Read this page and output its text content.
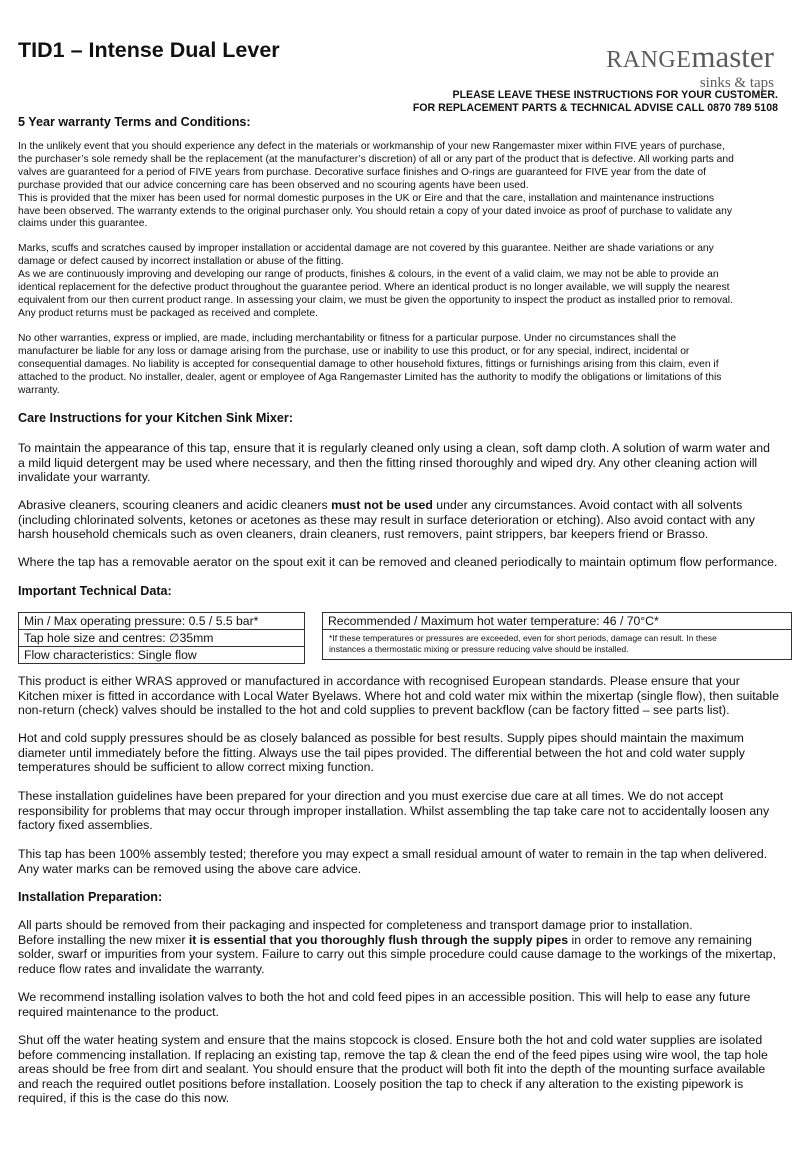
TID1 – Intense Dual Lever	RANGEmaster
sinks & taps
PLEASE LEAVE THESE INSTRUCTIONS FOR YOUR CUSTOMER.
FOR REPLACEMENT PARTS & TECHNICAL ADVISE CALL 0870 789 5108
5 Year warranty Terms and Conditions:
In the unlikely event that you should experience any defect in the materials or workmanship of your new Rangemaster mixer within FIVE years of purchase,
the purchaser’s sole remedy shall be the replacement (at the manufacturer’s discretion) of all or any part of the product that is defective. All working parts and
valves are guaranteed for a period of FIVE years from purchase. Decorative surface finishes and O-rings are guaranteed for FIVE year from the date of
purchase provided that our advice concerning care has been observed and no scouring agents have been used.
This is provided that the mixer has been used for normal domestic purposes in the UK or Eire and that the care, installation and maintenance instructions
have been observed. The warranty extends to the original purchaser only. You should retain a copy of your dated invoice as proof of purchase to validate any
claims under this guarantee.
Marks, scuffs and scratches caused by improper installation or accidental damage are not covered by this guarantee. Neither are shade variations or any
damage or defect caused by incorrect installation or abuse of the fitting.
As we are continuously improving and developing our range of products, finishes & colours, in the event of a valid claim, we may not be able to provide an
identical replacement for the defective product throughout the guarantee period. Where an identical product is no longer available, we will supply the nearest
equivalent from our then current product range. In assessing your claim, we must be given the opportunity to inspect the product as installed prior to removal.
Any product returns must be packaged as received and complete.
No other warranties, express or implied, are made, including merchantability or fitness for a particular purpose. Under no circumstances shall the
manufacturer be liable for any loss or damage arising from the purchase, use or inability to use this product, or for any special, indirect, incidental or
consequential damages. No liability is accepted for consequential damage to other household fixtures, fittings or furnishings arising from this claim, even if
attached to the product. No installer, dealer, agent or employee of Aga Rangemaster Limited has the authority to modify the obligations or limitations of this
warranty.
Care Instructions for your Kitchen Sink Mixer:
To maintain the appearance of this tap, ensure that it is regularly cleaned only using a clean, soft damp cloth. A solution of warm water and
a mild liquid detergent may be used where necessary, and then the fitting rinsed thoroughly and wiped dry. Any other cleaning action will
invalidate your warranty.
Abrasive cleaners, scouring cleaners and acidic cleaners must not be used under any circumstances. Avoid contact with all solvents
(including chlorinated solvents, ketones or acetones as these may result in surface deterioration or etching). Also avoid contact with any
harsh household chemicals such as oven cleaners, drain cleaners, rust removers, paint strippers, bar keepers friend or Brasso.
Where the tap has a removable aerator on the spout exit it can be removed and cleaned periodically to maintain optimum flow performance.
Important Technical Data:
Min / Max operating pressure: 0.5 / 5.5 bar*
Tap hole size and centres: ∅35mm
Flow characteristics: Single flow
Recommended / Maximum hot water temperature: 46 / 70°C*
*If these temperatures or pressures are exceeded, even for short periods, damage can result. In these
instances a thermostatic mixing or pressure reducing valve should be installed.
This product is either WRAS approved or manufactured in accordance with recognised European standards. Please ensure that your
Kitchen mixer is fitted in accordance with Local Water Byelaws. Where hot and cold water mix within the mixertap (single flow), then suitable
non-return (check) valves should be installed to the hot and cold supplies to prevent backflow (can be factory fitted – see parts list).
Hot and cold supply pressures should be as closely balanced as possible for best results. Supply pipes should maintain the maximum
diameter until immediately before the fitting. Always use the tail pipes provided. The differential between the hot and cold water supply
temperatures should be sufficient to allow correct mixing function.
These installation guidelines have been prepared for your direction and you must exercise due care at all times. We do not accept
responsibility for problems that may occur through improper installation. Whilst assembling the tap take care not to accidentally loosen any
factory fixed assemblies.
This tap has been 100% assembly tested; therefore you may expect a small residual amount of water to remain in the tap when delivered.
Any water marks can be removed using the above care advice.
Installation Preparation:
All parts should be removed from their packaging and inspected for completeness and transport damage prior to installation.
Before installing the new mixer it is essential that you thoroughly flush through the supply pipes in order to remove any remaining
solder, swarf or impurities from your system. Failure to carry out this simple procedure could cause damage to the workings of the mixertap,
reduce flow rates and invalidate the warranty.
We recommend installing isolation valves to both the hot and cold feed pipes in an accessible position. This will help to ease any future
required maintenance to the product.
Shut off the water heating system and ensure that the mains stopcock is closed. Ensure both the hot and cold water supplies are isolated
before commencing installation. If replacing an existing tap, remove the tap & clean the end of the feed pipes using wire wool, the tap hole
areas should be free from dirt and sealant. You should ensure that the product will both fit into the depth of the mounting surface available
and reach the required outlet positions before installation. Loosely position the tap to check if any alteration to the existing pipework is
required, if this is the case do this now.
